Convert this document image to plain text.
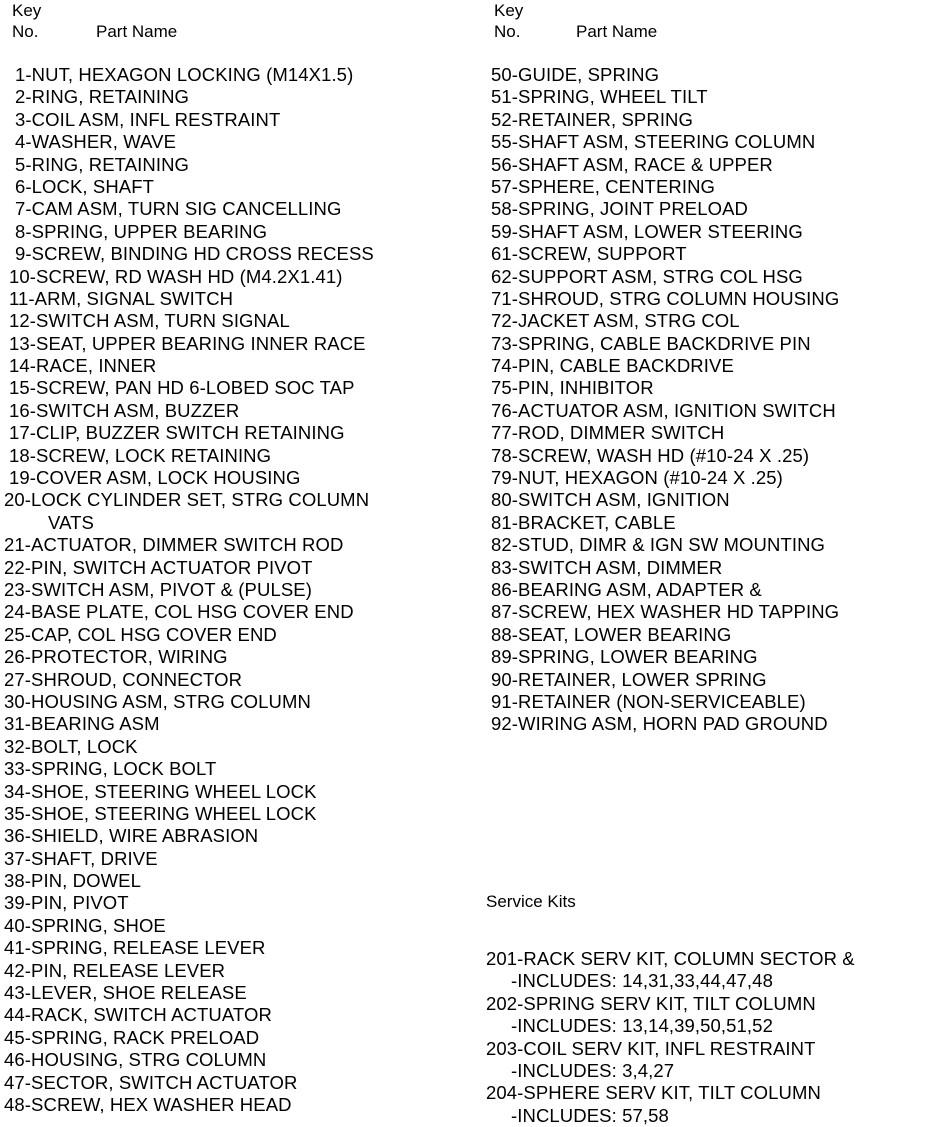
Key
No.	Part Name
1-NUT, HEXAGON LOCKING (M14X1.5)
2-RING, RETAINING
3-COIL ASM, INFL RESTRAINT
4-WASHER, WAVE
5-RING, RETAINING
6-LOCK, SHAFT
7-CAM ASM, TURN SIG CANCELLING
8-SPRING, UPPER BEARING
9-SCREW, BINDING HD CROSS RECESS
10-SCREW, RD WASH HD (M4.2X1.41)
11-ARM, SIGNAL SWITCH
12-SWITCH ASM, TURN SIGNAL
13-SEAT, UPPER BEARING INNER RACE
14-RACE, INNER
15-SCREW, PAN HD 6-LOBED SOC TAP
16-SWITCH ASM, BUZZER
17-CLIP, BUZZER SWITCH RETAINING
18-SCREW, LOCK RETAINING
19-COVER ASM, LOCK HOUSING
20-LOCK CYLINDER SET, STRG COLUMN
VATS
21-ACTUATOR, DIMMER SWITCH ROD
22-PIN, SWITCH ACTUATOR PIVOT
23-SWITCH ASM, PIVOT & (PULSE)
24-BASE PLATE, COL HSG COVER END
25-CAP, COL HSG COVER END
26-PROTECTOR, WIRING
27-SHROUD, CONNECTOR
30-HOUSING ASM, STRG COLUMN
31-BEARING ASM
32-BOLT, LOCK
33-SPRING, LOCK BOLT
34-SHOE, STEERING WHEEL LOCK
35-SHOE, STEERING WHEEL LOCK
36-SHIELD, WIRE ABRASION
37-SHAFT, DRIVE
38-PIN, DOWEL
39-PIN, PIVOT
40-SPRING, SHOE
41-SPRING, RELEASE LEVER
42-PIN, RELEASE LEVER
43-LEVER, SHOE RELEASE
44-RACK, SWITCH ACTUATOR
45-SPRING, RACK PRELOAD
46-HOUSING, STRG COLUMN
47-SECTOR, SWITCH ACTUATOR
48-SCREW, HEX WASHER HEAD
Key
No.	Part Name
50-GUIDE, SPRING
51-SPRING, WHEEL TILT
52-RETAINER, SPRING
55-SHAFT ASM, STEERING COLUMN
56-SHAFT ASM, RACE & UPPER
57-SPHERE, CENTERING
58-SPRING, JOINT PRELOAD
59-SHAFT ASM, LOWER STEERING
61-SCREW, SUPPORT
62-SUPPORT ASM, STRG COL HSG
71-SHROUD, STRG COLUMN HOUSING
72-JACKET ASM, STRG COL
73-SPRING, CABLE BACKDRIVE PIN
74-PIN, CABLE BACKDRIVE
75-PIN, INHIBITOR
76-ACTUATOR ASM, IGNITION SWITCH
77-ROD, DIMMER SWITCH
78-SCREW, WASH HD (#10-24 X .25)
79-NUT, HEXAGON (#10-24 X .25)
80-SWITCH ASM, IGNITION
81-BRACKET, CABLE
82-STUD, DIMR & IGN SW MOUNTING
83-SWITCH ASM, DIMMER
86-BEARING ASM, ADAPTER &
87-SCREW, HEX WASHER HD TAPPING
88-SEAT, LOWER BEARING
89-SPRING, LOWER BEARING
90-RETAINER, LOWER SPRING
91-RETAINER (NON-SERVICEABLE)
92-WIRING ASM, HORN PAD GROUND
Service Kits
201-RACK SERV KIT, COLUMN SECTOR &
-INCLUDES: 14,31,33,44,47,48
202-SPRING SERV KIT, TILT COLUMN
-INCLUDES: 13,14,39,50,51,52
203-COIL SERV KIT, INFL RESTRAINT
-INCLUDES: 3,4,27
204-SPHERE SERV KIT, TILT COLUMN
-INCLUDES: 57,58
